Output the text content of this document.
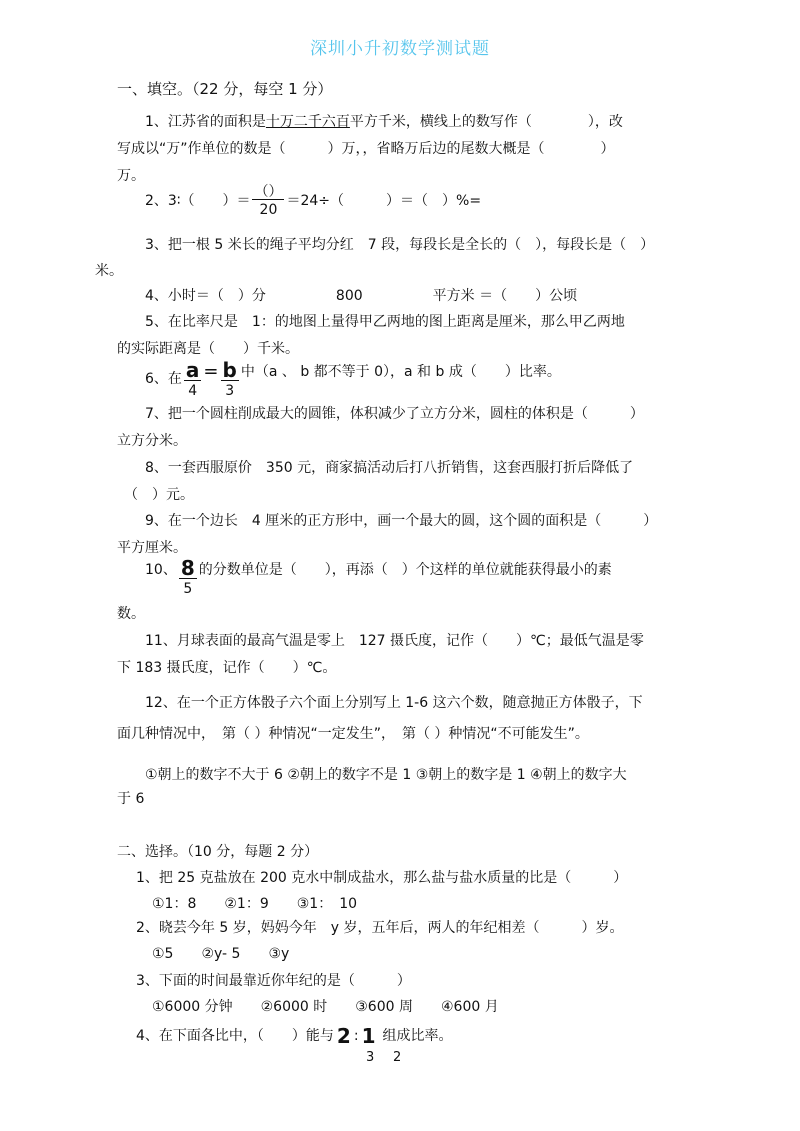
深圳小升初数学测试题
一、填空。（22 分，每空 1 分）
1、江苏省的面积是十万二千六百平方千米，横线上的数写作（　　　　），改
写成以“万”作单位的数是（　　　）万，，省略万后边的尾数大概是（　　　　）
万。
2、3∶（　　）＝ $\frac{()}{20} =24\div$（　　　）＝（　）%=
3、把一根 5 米长的绳子平均分红　7 段，每段长是全长的（　），每段长是（　）
米。
4、小时＝（　）分　　　　　800　　　　　平方米 ＝（　　）公顷
5、在比率尺是　1：的地图上量得甲乙两地的图上距离是厘米，那么甲乙两地
的实际距离是（　　）千米。
6、在 $\frac{a}{4} = \frac{b}{3}$ 中（a 、 b 都不等于 0），a 和 b 成（　　）比率。
7、把一个圆柱削成最大的圆锥，体积减少了立方分米，圆柱的体积是（　　　）
立方分米。
8、一套西服原价　350 元，商家搞活动后打八折销售，这套西服打折后降低了
（　）元。
9、在一个边长　4 厘米的正方形中，画一个最大的圆，这个圆的面积是（　　　）
平方厘米。
10、 $\frac{8}{5}$ 的分数单位是（　　），再添（　）个这样的单位就能获得最小的素
数。
11、月球表面的最高气温是零上　127 摄氏度，记作（　　）℃；最低气温是零
下 183 摄氏度，记作（　　）℃。
12、在一个正方体骰子六个面上分别写上 1-6 这六个数，随意抛正方体骰子，下
面几种情况中，　第（ ）种情况“一定发生”，　第（ ）种情况“不可能发生”。
①朝上的数字不大于 6 ②朝上的数字不是 1 ③朝上的数字是 1 ④朝上的数字大
于 6
二、选择。（10 分，每题 2 分）
1、把 25 克盐放在 200 克水中制成盐水，那么盐与盐水质量的比是（　　　）
①1：8　　②1：9　　③1：　10
2、晓芸今年 5 岁，妈妈今年　y 岁，五年后，两人的年纪相差（　　　）岁。
①5　　②y- 5　　③y
3、下面的时间最靠近你年纪的是（　　　）
①6000 分钟　　②6000 时　　③600 周　　④600 月
4、在下面各比中，（　　）能与 2 : 1 组成比率。
3 2
